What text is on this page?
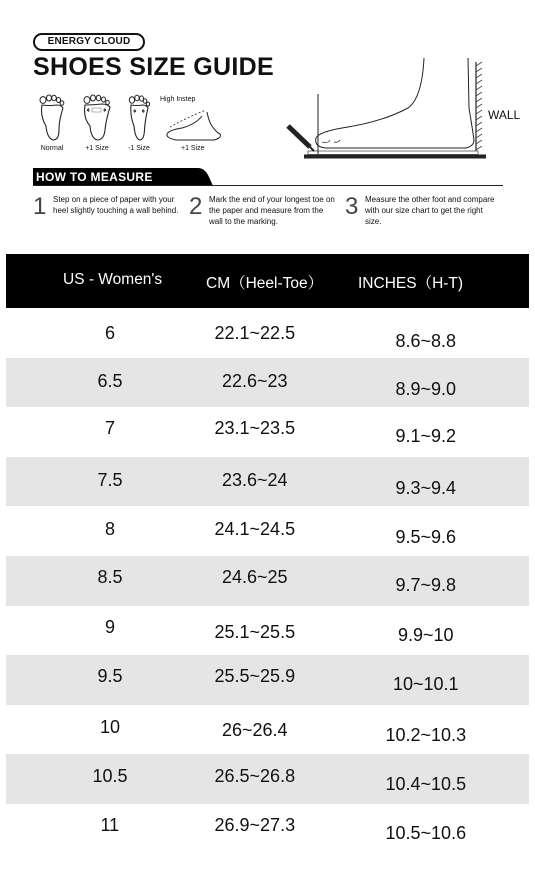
ENERGY CLOUD
SHOES SIZE GUIDE
Normal	+1 Size	-1 Size
High Instep
+1 Size
WALL
HOW TO MEASURE
1 Step on a piece of paper with your heel slightly touching a wall behind. 2 Mark the end of your longest toe on the paper and measure from the wall to the marking.
3 Measure the other foot and compare with our size chart to get the right size.
US - Women's	CM（Heel-Toe） INCHES（H-T)
6	22.1~22.5	8.6~8.8
6.5	22.6~23	8.9~9.0
7	23.1~23.5	9.1~9.2
7.5	23.6~24	9.3~9.4
8	24.1~24.5	9.5~9.6
8.5	24.6~25	9.7~9.8
9	25.1~25.5	9.9~10
9.5	25.5~25.9	10~10.1
10	26~26.4	10.2~10.3
10.5	26.5~26.8	10.4~10.5
11	26.9~27.3	10.5~10.6
